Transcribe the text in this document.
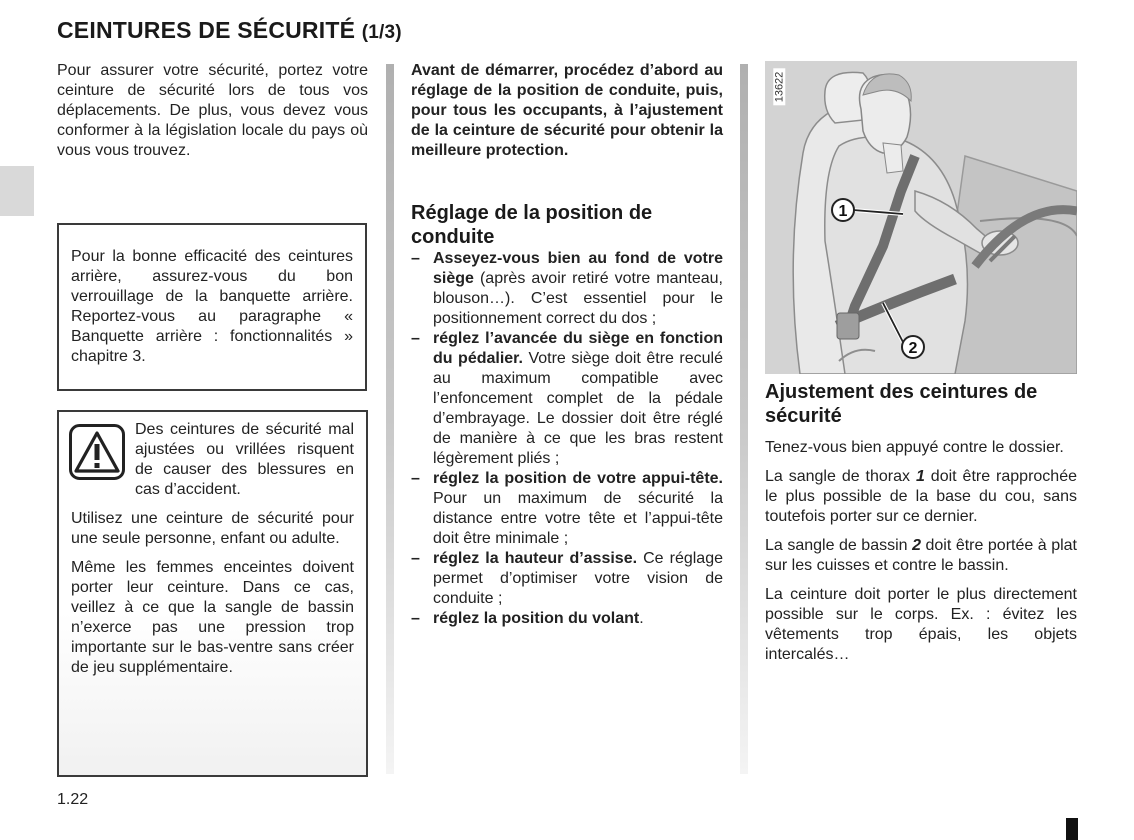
CEINTURES DE SÉCURITÉ (1/3)

Pour assurer votre sécurité, portez votre ceinture de sécurité lors de tous vos déplacements. De plus, vous devez vous conformer à la législation locale du pays où vous vous trouvez.

Pour la bonne efficacité des ceintures arrière, assurez-vous du bon verrouillage de la banquette arrière. Reportez-vous au paragraphe « Banquette arrière : fonctionnalités » chapitre 3.

Des ceintures de sécurité mal ajustées ou vrillées risquent de causer des blessures en cas d’accident.

Utilisez une ceinture de sécurité pour une seule personne, enfant ou adulte.

Même les femmes enceintes doivent porter leur ceinture. Dans ce cas, veillez à ce que la sangle de bassin n’exerce pas une pression trop importante sur le bas-ventre sans créer de jeu supplémentaire.

Avant de démarrer, procédez d’abord au réglage de la position de conduite, puis, pour tous les occupants, à l’ajustement de la ceinture de sécurité pour obtenir la meilleure protection.

Réglage de la position de conduite
– Asseyez-vous bien au fond de votre siège (après avoir retiré votre manteau, blouson…). C’est essentiel pour le positionnement correct du dos ;
– réglez l’avancée du siège en fonction du pédalier. Votre siège doit être reculé au maximum compatible avec l’enfoncement complet de la pédale d’embrayage. Le dossier doit être réglé de manière à ce que les bras restent légèrement pliés ;
– réglez la position de votre appui-tête. Pour un maximum de sécurité la distance entre votre tête et l’appui-tête doit être minimale ;
– réglez la hauteur d’assise. Ce réglage permet d’optimiser votre vision de conduite ;
– réglez la position du volant.
1
2
13622
Ajustement des ceintures de sécurité

Tenez-vous bien appuyé contre le dossier.

La sangle de thorax 1 doit être rapprochée le plus possible de la base du cou, sans toutefois porter sur ce dernier.

La sangle de bassin 2 doit être portée à plat sur les cuisses et contre le bassin.

La ceinture doit porter le plus directement possible sur le corps. Ex. : évitez les vêtements trop épais, les objets intercalés…

1.22
